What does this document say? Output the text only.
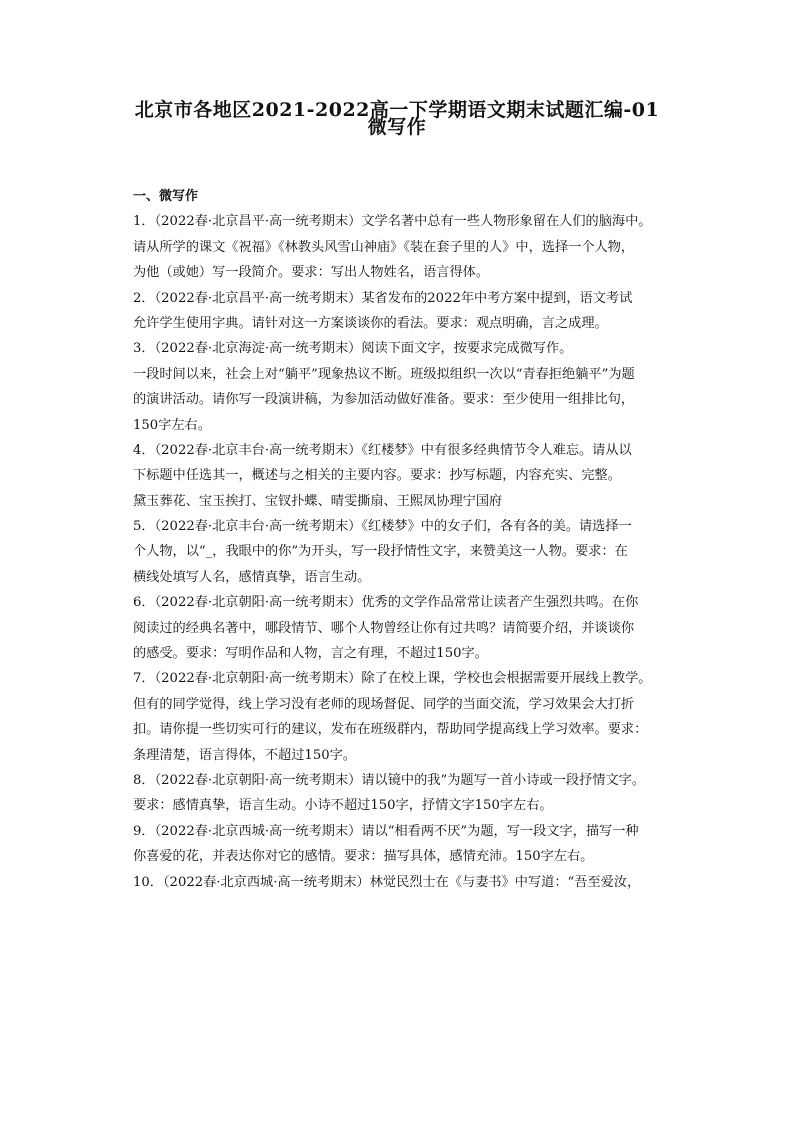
北京市各地区2021-2022高一下学期语文期末试题汇编-01
微写作
一、微写作
1．（2022春·北京昌平·高一统考期末）文学名著中总有一些人物形象留在人们的脑海中。
请从所学的课文《祝福》《林教头风雪山神庙》《装在套子里的人》中，选择一个人物，
为他（或她）写一段简介。要求：写出人物姓名，语言得体。
2．（2022春·北京昌平·高一统考期末）某省发布的2022年中考方案中提到，语文考试
允许学生使用字典。请针对这一方案谈谈你的看法。要求：观点明确，言之成理。
3．（2022春·北京海淀·高一统考期末）阅读下面文字，按要求完成微写作。
一段时间以来，社会上对“躺平”现象热议不断。班级拟组织一次以“青春拒绝躺平”为题
的演讲活动。请你写一段演讲稿，为参加活动做好准备。要求：至少使用一组排比句，
150字左右。
4．（2022春·北京丰台·高一统考期末）《红楼梦》中有很多经典情节令人难忘。请从以
下标题中任选其一，概述与之相关的主要内容。要求：抄写标题，内容充实、完整。
黛玉葬花、宝玉挨打、宝钗扑蝶、晴雯撕扇、王熙凤协理宁国府
5．（2022春·北京丰台·高一统考期末）《红楼梦》中的女子们，各有各的美。请选择一
个人物，以“_，我眼中的你”为开头，写一段抒情性文字，来赞美这一人物。要求：在
横线处填写人名，感情真挚，语言生动。
6．（2022春·北京朝阳·高一统考期末）优秀的文学作品常常让读者产生强烈共鸣。在你
阅读过的经典名著中，哪段情节、哪个人物曾经让你有过共鸣？请简要介绍，并谈谈你
的感受。要求：写明作品和人物，言之有理，不超过150字。
7．（2022春·北京朝阳·高一统考期末）除了在校上课，学校也会根据需要开展线上教学。
但有的同学觉得，线上学习没有老师的现场督促、同学的当面交流，学习效果会大打折
扣。请你提一些切实可行的建议，发布在班级群内，帮助同学提高线上学习效率。要求：
条理清楚，语言得体，不超过150字。
8．（2022春·北京朝阳·高一统考期末）请以镜中的我”为题写一首小诗或一段抒情文字。
要求：感情真挚，语言生动。小诗不超过150字，抒情文字150字左右。
9．（2022春·北京西城·高一统考期末）请以“相看两不厌”为题，写一段文字，描写一种
你喜爱的花，并表达你对它的感情。要求：描写具体，感情充沛。150字左右。
10．（2022春·北京西城·高一统考期末）林觉民烈士在《与妻书》中写道：“吾至爱汝，
